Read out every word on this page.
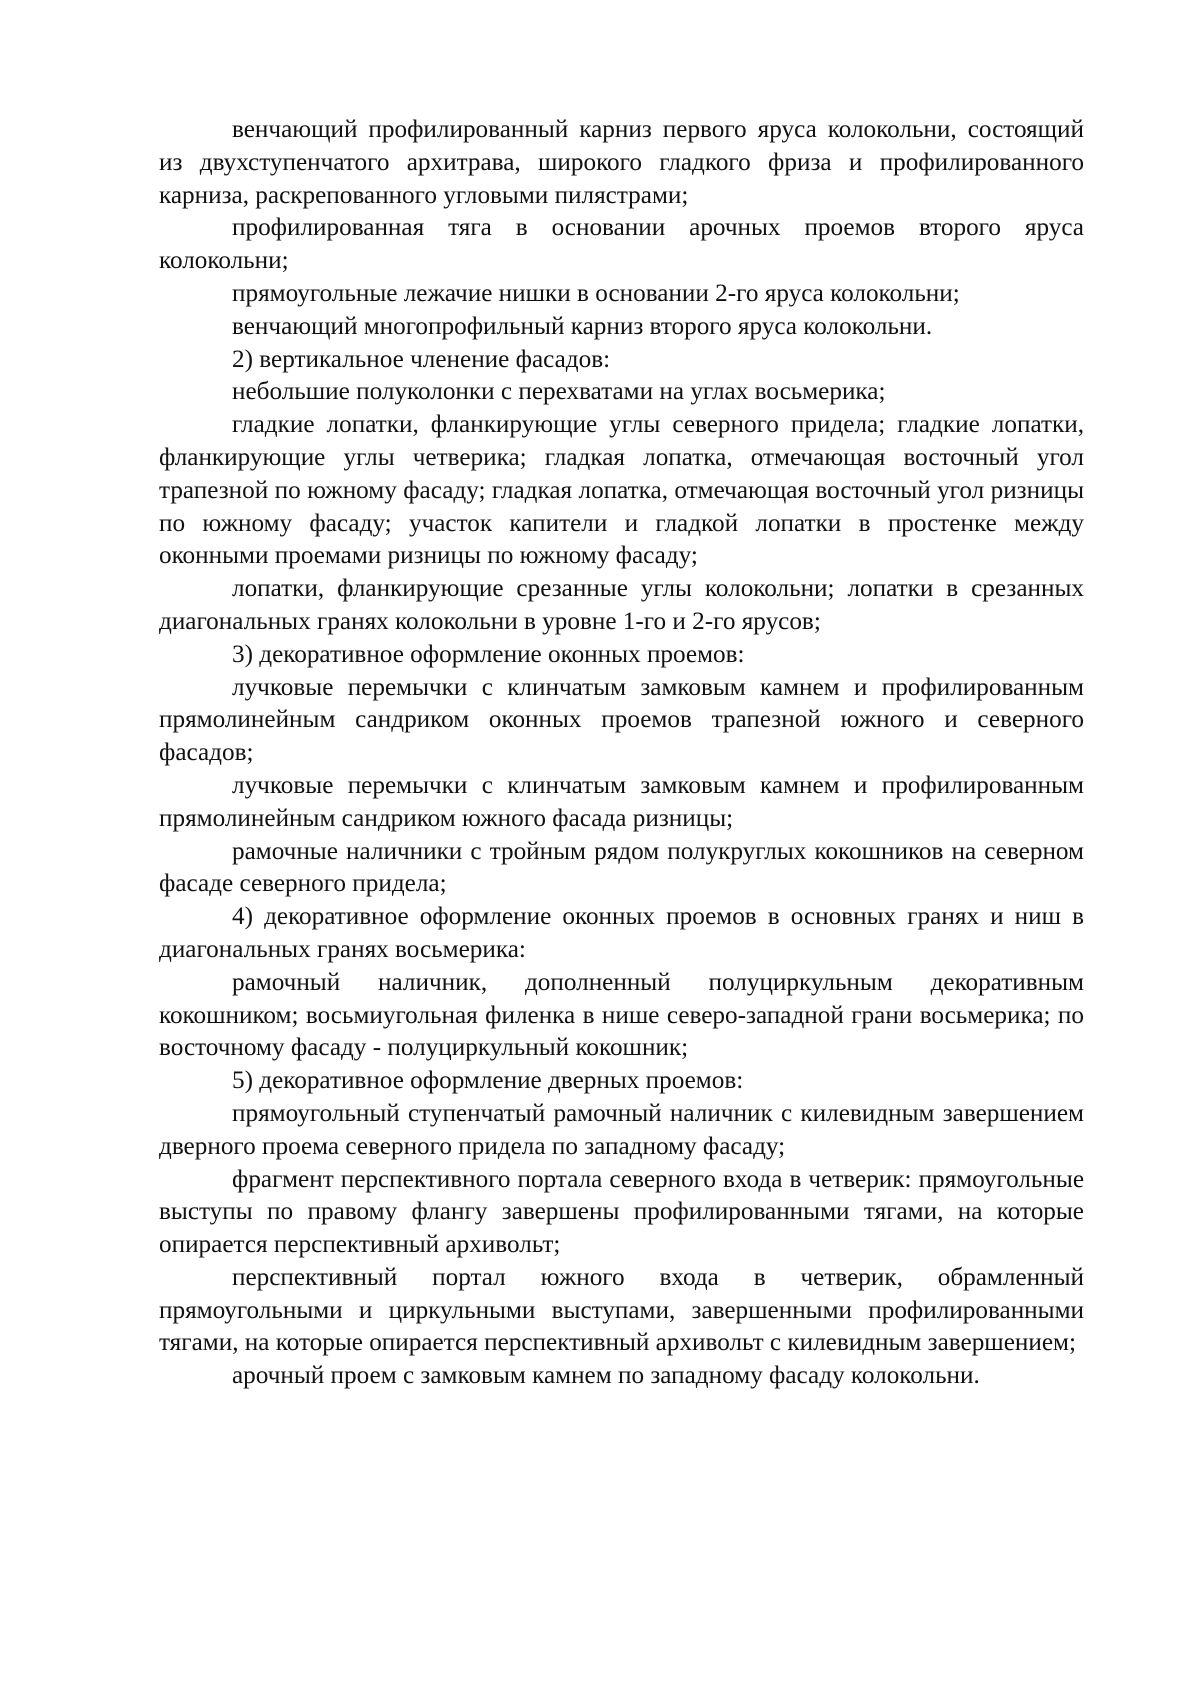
венчающий профилированный карниз первого яруса колокольни, состоящий из двухступенчатого архитрава, широкого гладкого фриза и профилированного карниза, раскрепованного угловыми пилястрами;

профилированная тяга в основании арочных проемов второго яруса колокольни;

прямоугольные лежачие нишки в основании 2-го яруса колокольни;

венчающий многопрофильный карниз второго яруса колокольни.

2) вертикальное членение фасадов:

небольшие полуколонки с перехватами на углах восьмерика;

гладкие лопатки, фланкирующие углы северного придела; гладкие лопатки, фланкирующие углы четверика; гладкая лопатка, отмечающая восточный угол трапезной по южному фасаду; гладкая лопатка, отмечающая восточный угол ризницы по южному фасаду; участок капители и гладкой лопатки в простенке между оконными проемами ризницы по южному фасаду;

лопатки, фланкирующие срезанные углы колокольни; лопатки в срезанных диагональных гранях колокольни в уровне 1-го и 2-го ярусов;

3) декоративное оформление оконных проемов:

лучковые перемычки с клинчатым замковым камнем и профилированным прямолинейным сандриком оконных проемов трапезной южного и северного фасадов;

лучковые перемычки с клинчатым замковым камнем и профилированным прямолинейным сандриком южного фасада ризницы;

рамочные наличники с тройным рядом полукруглых кокошников на северном фасаде северного придела;

4) декоративное оформление оконных проемов в основных гранях и ниш в диагональных гранях восьмерика:

рамочный наличник, дополненный полуциркульным декоративным кокошником; восьмиугольная филенка в нише северо-западной грани восьмерика; по восточному фасаду - полуциркульный кокошник;

5) декоративное оформление дверных проемов:

прямоугольный ступенчатый рамочный наличник с килевидным завершением дверного проема северного придела по западному фасаду;

фрагмент перспективного портала северного входа в четверик: прямоугольные выступы по правому флангу завершены профилированными тягами, на которые опирается перспективный архивольт;

перспективный портал южного входа в четверик, обрамленный прямоугольными и циркульными выступами, завершенными профилированными тягами, на которые опирается перспективный архивольт с килевидным завершением;

арочный проем с замковым камнем по западному фасаду колокольни.
